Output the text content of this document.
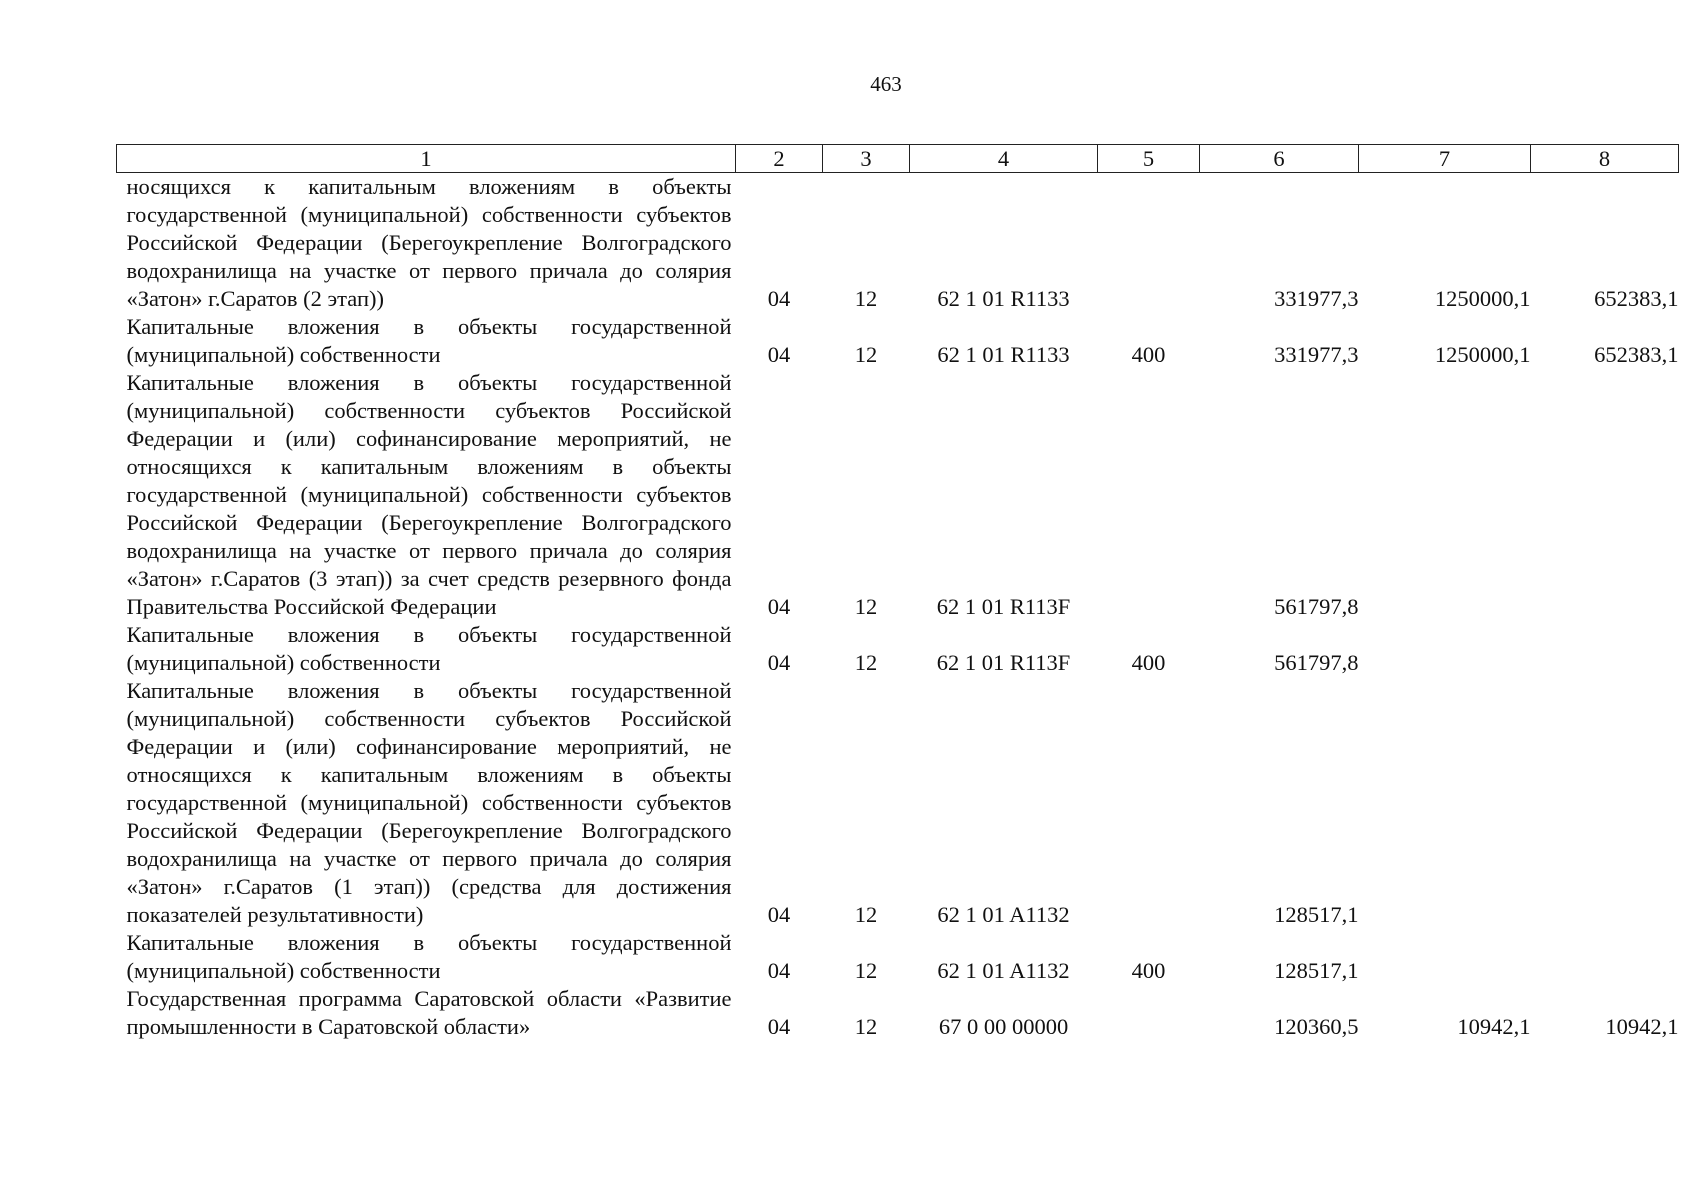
463
1	2	3	4	5	6	7	8
носящихся к капитальным вложениям в объекты государственной (муниципальной) собственности субъектов Российской Федерации (Берегоукрепление Волгоградского водохранилища на участке от первого причала до солярия «Затон» г.Саратов (2 этап))	04	12	62 1 01 R1133		331977,3	1250000,1	652383,1
Капитальные вложения в объекты государственной (муниципальной) собственности	04	12	62 1 01 R1133	400	331977,3	1250000,1	652383,1
Капитальные вложения в объекты государственной (муниципальной) собственности субъектов Российской Федерации и (или) софинансирование мероприятий, не относящихся к капитальным вложениям в объекты государственной (муниципальной) собственности субъектов Российской Федерации (Берегоукрепление Волгоградского водохранилища на участке от первого причала до солярия «Затон» г.Саратов (3 этап)) за счет средств резервного фонда Правительства Российской Федерации	04	12	62 1 01 R113F		561797,8		
Капитальные вложения в объекты государственной (муниципальной) собственности	04	12	62 1 01 R113F	400	561797,8		
Капитальные вложения в объекты государственной (муниципальной) собственности субъектов Российской Федерации и (или) софинансирование мероприятий, не относящихся к капитальным вложениям в объекты государственной (муниципальной) собственности субъектов Российской Федерации (Берегоукрепление Волгоградского водохранилища на участке от первого причала до солярия «Затон» г.Саратов (1 этап)) (средства для достижения показателей результативности)	04	12	62 1 01 A1132		128517,1		
Капитальные вложения в объекты государственной (муниципальной) собственности	04	12	62 1 01 A1132	400	128517,1		
Государственная программа Саратовской области «Развитие промышленности в Саратовской области»	04	12	67 0 00 00000		120360,5	10942,1	10942,1
